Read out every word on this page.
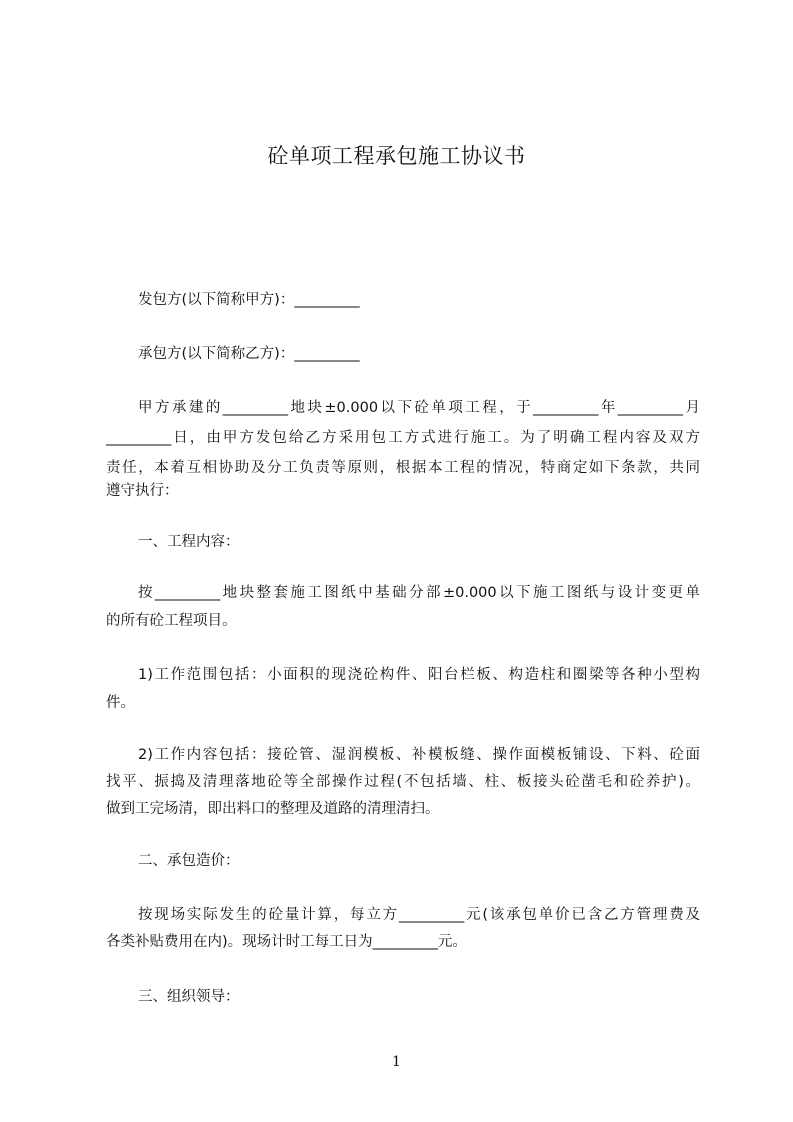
砼单项工程承包施工协议书
发包方(以下简称甲方)：_________
承包方(以下简称乙方)：_________
甲方承建的_________地块±0.000以下砼单项工程，于_________年_________月
_________日，由甲方发包给乙方采用包工方式进行施工。为了明确工程内容及双方
责任，本着互相协助及分工负责等原则，根据本工程的情况，特商定如下条款，共同
遵守执行：
一、工程内容：
按_________地块整套施工图纸中基础分部±0.000以下施工图纸与设计变更单
的所有砼工程项目。
1)工作范围包括：小面积的现浇砼构件、阳台栏板、构造柱和圈梁等各种小型构
件。
2)工作内容包括：接砼管、湿润模板、补模板缝、操作面模板铺设、下料、砼面
找平、振捣及清理落地砼等全部操作过程(不包括墙、柱、板接头砼凿毛和砼养护)。
做到工完场清，即出料口的整理及道路的清理清扫。
二、承包造价：
按现场实际发生的砼量计算，每立方_________元(该承包单价已含乙方管理费及
各类补贴费用在内)。现场计时工每工日为_________元。
三、组织领导：
1
